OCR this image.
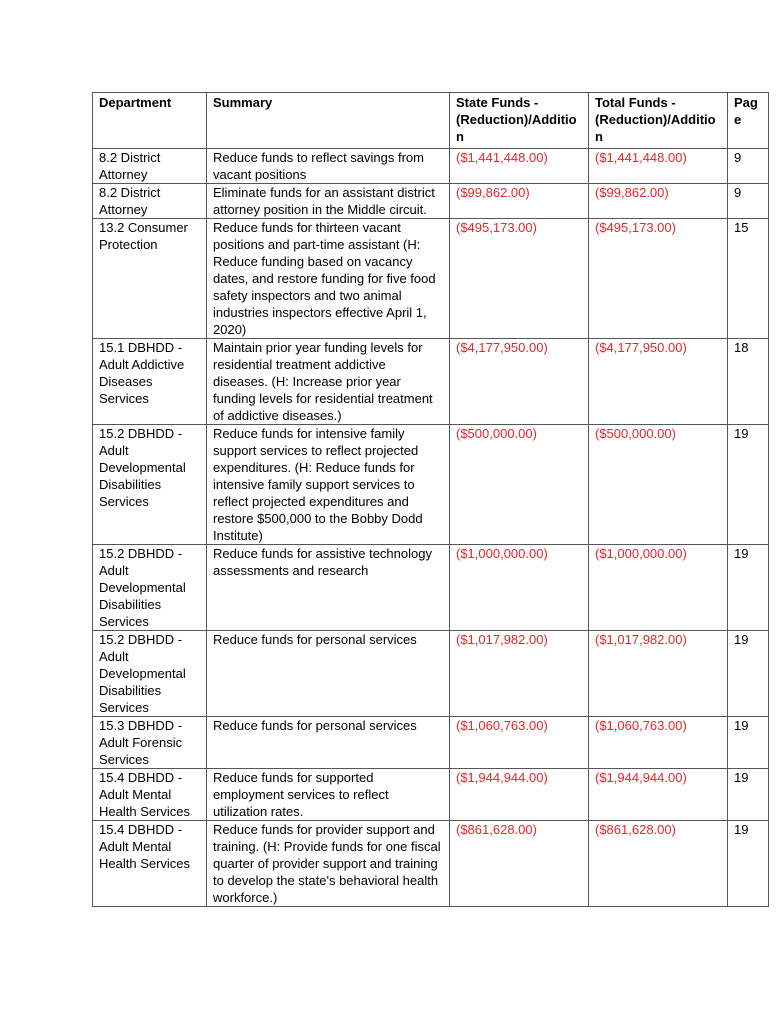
Department	Summary	State Funds - (Reduction)/Addition	Total Funds - (Reduction)/Addition	Page
8.2 District Attorney	Reduce funds to reflect savings from vacant positions	($1,441,448.00)	($1,441,448.00)	9
8.2 District Attorney	Eliminate funds for an assistant district attorney position in the Middle circuit.	($99,862.00)	($99,862.00)	9
13.2 Consumer Protection	Reduce funds for thirteen vacant positions and part-time assistant (H: Reduce funding based on vacancy dates, and restore funding for five food safety inspectors and two animal industries inspectors effective April 1, 2020)	($495,173.00)	($495,173.00)	15
15.1 DBHDD - Adult Addictive Diseases Services	Maintain prior year funding levels for residential treatment addictive diseases. (H: Increase prior year funding levels for residential treatment of addictive diseases.)	($4,177,950.00)	($4,177,950.00)	18
15.2 DBHDD - Adult Developmental Disabilities Services	Reduce funds for intensive family support services to reflect projected expenditures. (H: Reduce funds for intensive family support services to reflect projected expenditures and restore $500,000 to the Bobby Dodd Institute)	($500,000.00)	($500,000.00)	19
15.2 DBHDD - Adult Developmental Disabilities Services	Reduce funds for assistive technology assessments and research	($1,000,000.00)	($1,000,000.00)	19
15.2 DBHDD - Adult Developmental Disabilities Services	Reduce funds for personal services	($1,017,982.00)	($1,017,982.00)	19
15.3 DBHDD - Adult Forensic Services	Reduce funds for personal services	($1,060,763.00)	($1,060,763.00)	19
15.4 DBHDD - Adult Mental Health Services	Reduce funds for supported employment services to reflect utilization rates.	($1,944,944.00)	($1,944,944.00)	19
15.4 DBHDD - Adult Mental Health Services	Reduce funds for provider support and training. (H: Provide funds for one fiscal quarter of provider support and training to develop the state's behavioral health workforce.)	($861,628.00)	($861,628.00)	19
